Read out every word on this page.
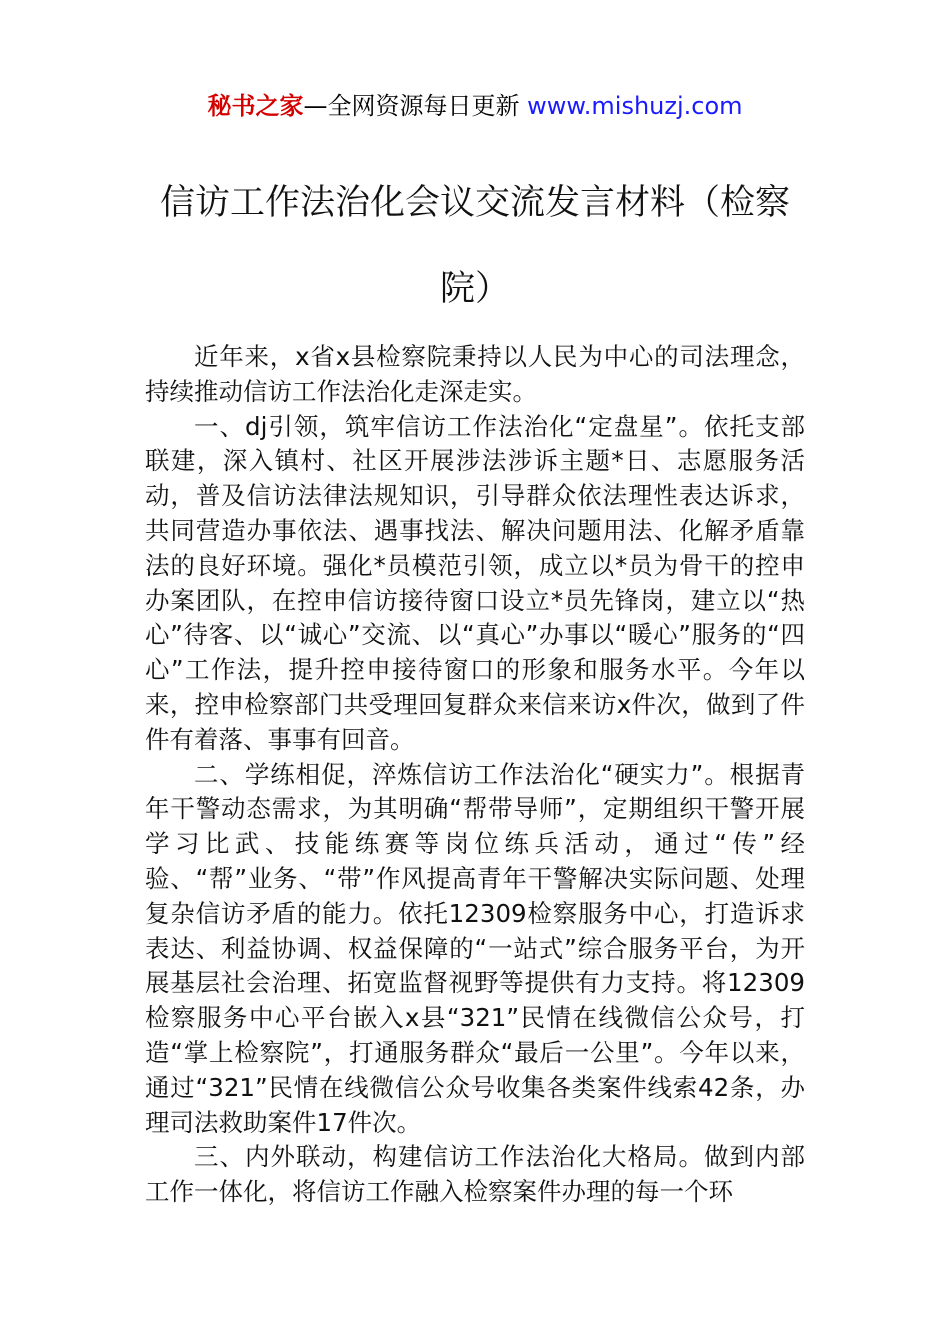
秘书之家—全网资源每日更新 www.mishuzj.com
信访工作法治化会议交流发言材料（检察院）

近年来，x省x县检察院秉持以人民为中心的司法理念，持续推动信访工作法治化走深走实。

一、dj引领，筑牢信访工作法治化“定盘星”。依托支部联建，深入镇村、社区开展涉法涉诉主题*日、志愿服务活动，普及信访法律法规知识，引导群众依法理性表达诉求，共同营造办事依法、遇事找法、解决问题用法、化解矛盾靠法的良好环境。强化*员模范引领，成立以*员为骨干的控申办案团队，在控申信访接待窗口设立*员先锋岗，建立以“热心”待客、以“诚心”交流、以“真心”办事以“暖心”服务的“四心”工作法，提升控申接待窗口的形象和服务水平。今年以来，控申检察部门共受理回复群众来信来访x件次，做到了件件有着落、事事有回音。

二、学练相促，淬炼信访工作法治化“硬实力”。根据青年干警动态需求，为其明确“帮带导师”，定期组织干警开展学习比武、技能练赛等岗位练兵活动，通过“传”经验、“帮”业务、“带”作风提高青年干警解决实际问题、处理复杂信访矛盾的能力。依托12309检察服务中心，打造诉求表达、利益协调、权益保障的“一站式”综合服务平台，为开展基层社会治理、拓宽监督视野等提供有力支持。将12309检察服务中心平台嵌入x县“321”民情在线微信公众号，打造“掌上检察院”，打通服务群众“最后一公里”。今年以来，通过“321”民情在线微信公众号收集各类案件线索42条，办理司法救助案件17件次。

三、内外联动，构建信访工作法治化大格局。做到内部工作一体化，将信访工作融入检察案件办理的每一个环
